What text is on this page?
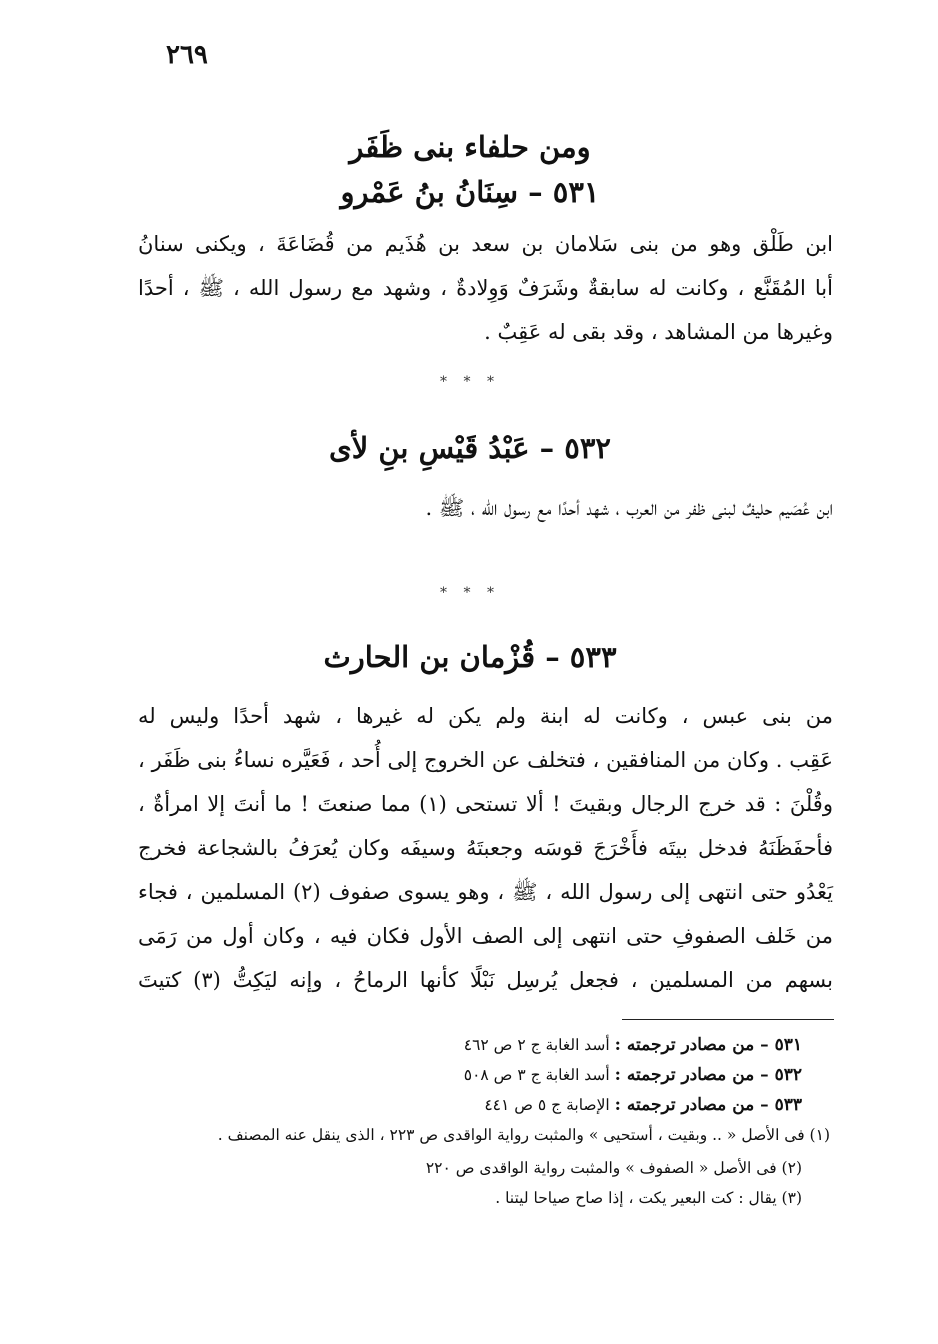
٢٦٩
ومن حلفاء بنى ظَفَر
٥٣١ – سِنَانُ بنُ عَمْرو
ابن طَلْق وهو من بنى سَلامان بن سعد بن هُذَيم من قُضَاعَةَ ، ويكنى سنانُ
أبا المُقَنَّع ، وكانت له سابقةٌ وشَرَفٌ وَوِلادةٌ ، وشهد مع رسول الله ، ﷺ ، أحدًا
وغيرها من المشاهد ، وقد بقى له عَقِبٌ .
* * *
٥٣٢ – عَبْدُ قَيْسِ بنِ لأى
ابن عُصَيم حليفٌ لبنى ظفر من العرب ، شهد أحدًا مع رسول الله ، ﷺ .
* * *
٥٣٣ – قُزْمان بن الحارث
من بنى عبس ، وكانت له ابنة ولم يكن له غيرها ، شهد أحدًا وليس له
عَقِب . وكان من المنافقين ، فتخلف عن الخروج إلى أُحد ، فَعَيَّره نساءُ بنى ظَفَر ،
وقُلْنَ : قد خرج الرجال وبقيتَ ! ألا تستحى (١) مما صنعتَ ! ما أنتَ إلا امرأةٌ ،
فأحفَظَنَهُ فدخل بيتَه فأَخْرَجَ قوسَه وجعبتَهُ وسيفَه وكان يُعرَفُ بالشجاعة فخرج
يَعْدُو حتى انتهى إلى رسول الله ، ﷺ ، وهو يسوى صفوف (٢) المسلمين ، فجاء
من خَلف الصفوفِ حتى انتهى إلى الصف الأول فكان فيه ، وكان أول من رَمَى
بسهم من المسلمين ، فجعل يُرسِل نَبْلًا كأنها الرماحُ ، وإنه ليَكِتُّ (٣) كتيتَ
٥٣١ – من مصادر ترجمته : أسد الغابة ج ٢ ص ٤٦٢
٥٣٢ – من مصادر ترجمته : أسد الغابة ج ٣ ص ٥٠٨
٥٣٣ – من مصادر ترجمته : الإصابة ج ٥ ص ٤٤١
(١) فى الأصل « .. وبقيت ، أستحيى » والمثبت رواية الواقدى ص ٢٢٣ ، الذى ينقل عنه المصنف .
(٢) فى الأصل « الصفوف » والمثبت رواية الواقدى ص ٢٢٠
(٣) يقال : كت البعير يكت ، إذا صاح صياحا ليتنا .
